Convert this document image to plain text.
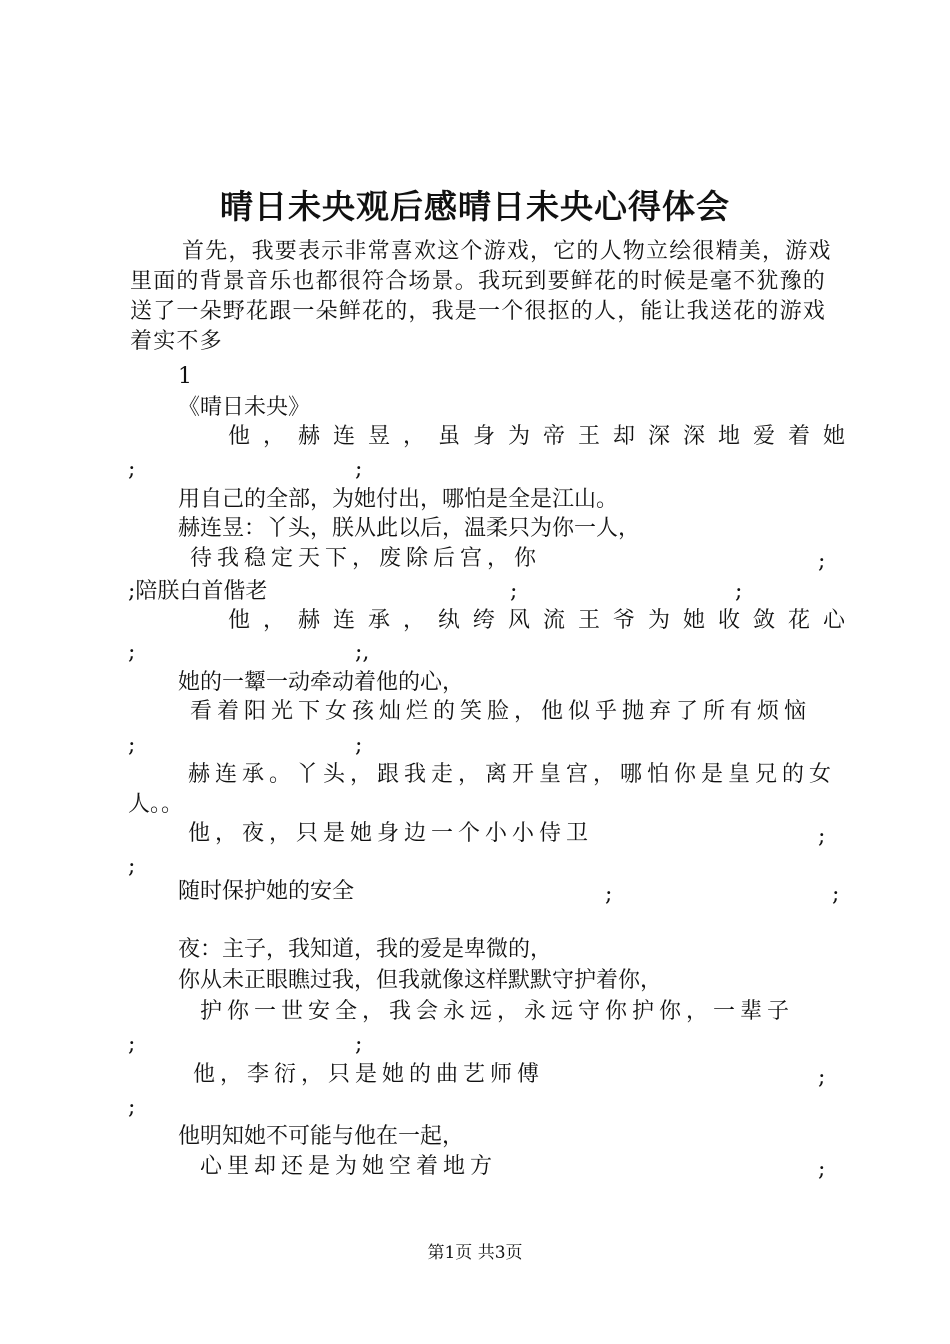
晴日未央观后感晴日未央心得体会

首先，我要表示非常喜欢这个游戏，它的人物立绘很精美，游戏里面的背景音乐也都很符合场景。我玩到要鲜花的时候是毫不犹豫的送了一朵野花跟一朵鲜花的，我是一个很抠的人，能让我送花的游戏着实不多

1
《晴日未央》
他，赫连昱，虽身为帝王却深深地爱着她
;	;
用自己的全部，为她付出，哪怕是全是江山。
赫连昱：丫头，朕从此以后，温柔只为你一人，
待我稳定天下，废除后宫，你	;
;陪朕白首偕老	;	;
他，赫连承，纨绔风流王爷为她收敛花心
;	;,
她的一颦一动牵动着他的心，
看着阳光下女孩灿烂的笑脸，他似乎抛弃了所有烦恼
;	;
赫连承。丫头，跟我走，离开皇宫，哪怕你是皇兄的女
人。。
他，夜，只是她身边一个小小侍卫	;
;
随时保护她的安全	;	;
夜：主子，我知道，我的爱是卑微的，
你从未正眼瞧过我，但我就像这样默默守护着你，
护你一世安全，我会永远，永远守你护你，一辈子
;	;
他，李衍，只是她的曲艺师傅	;
;
他明知她不可能与他在一起，
心里却还是为她空着地方	;
第1页 共3页
